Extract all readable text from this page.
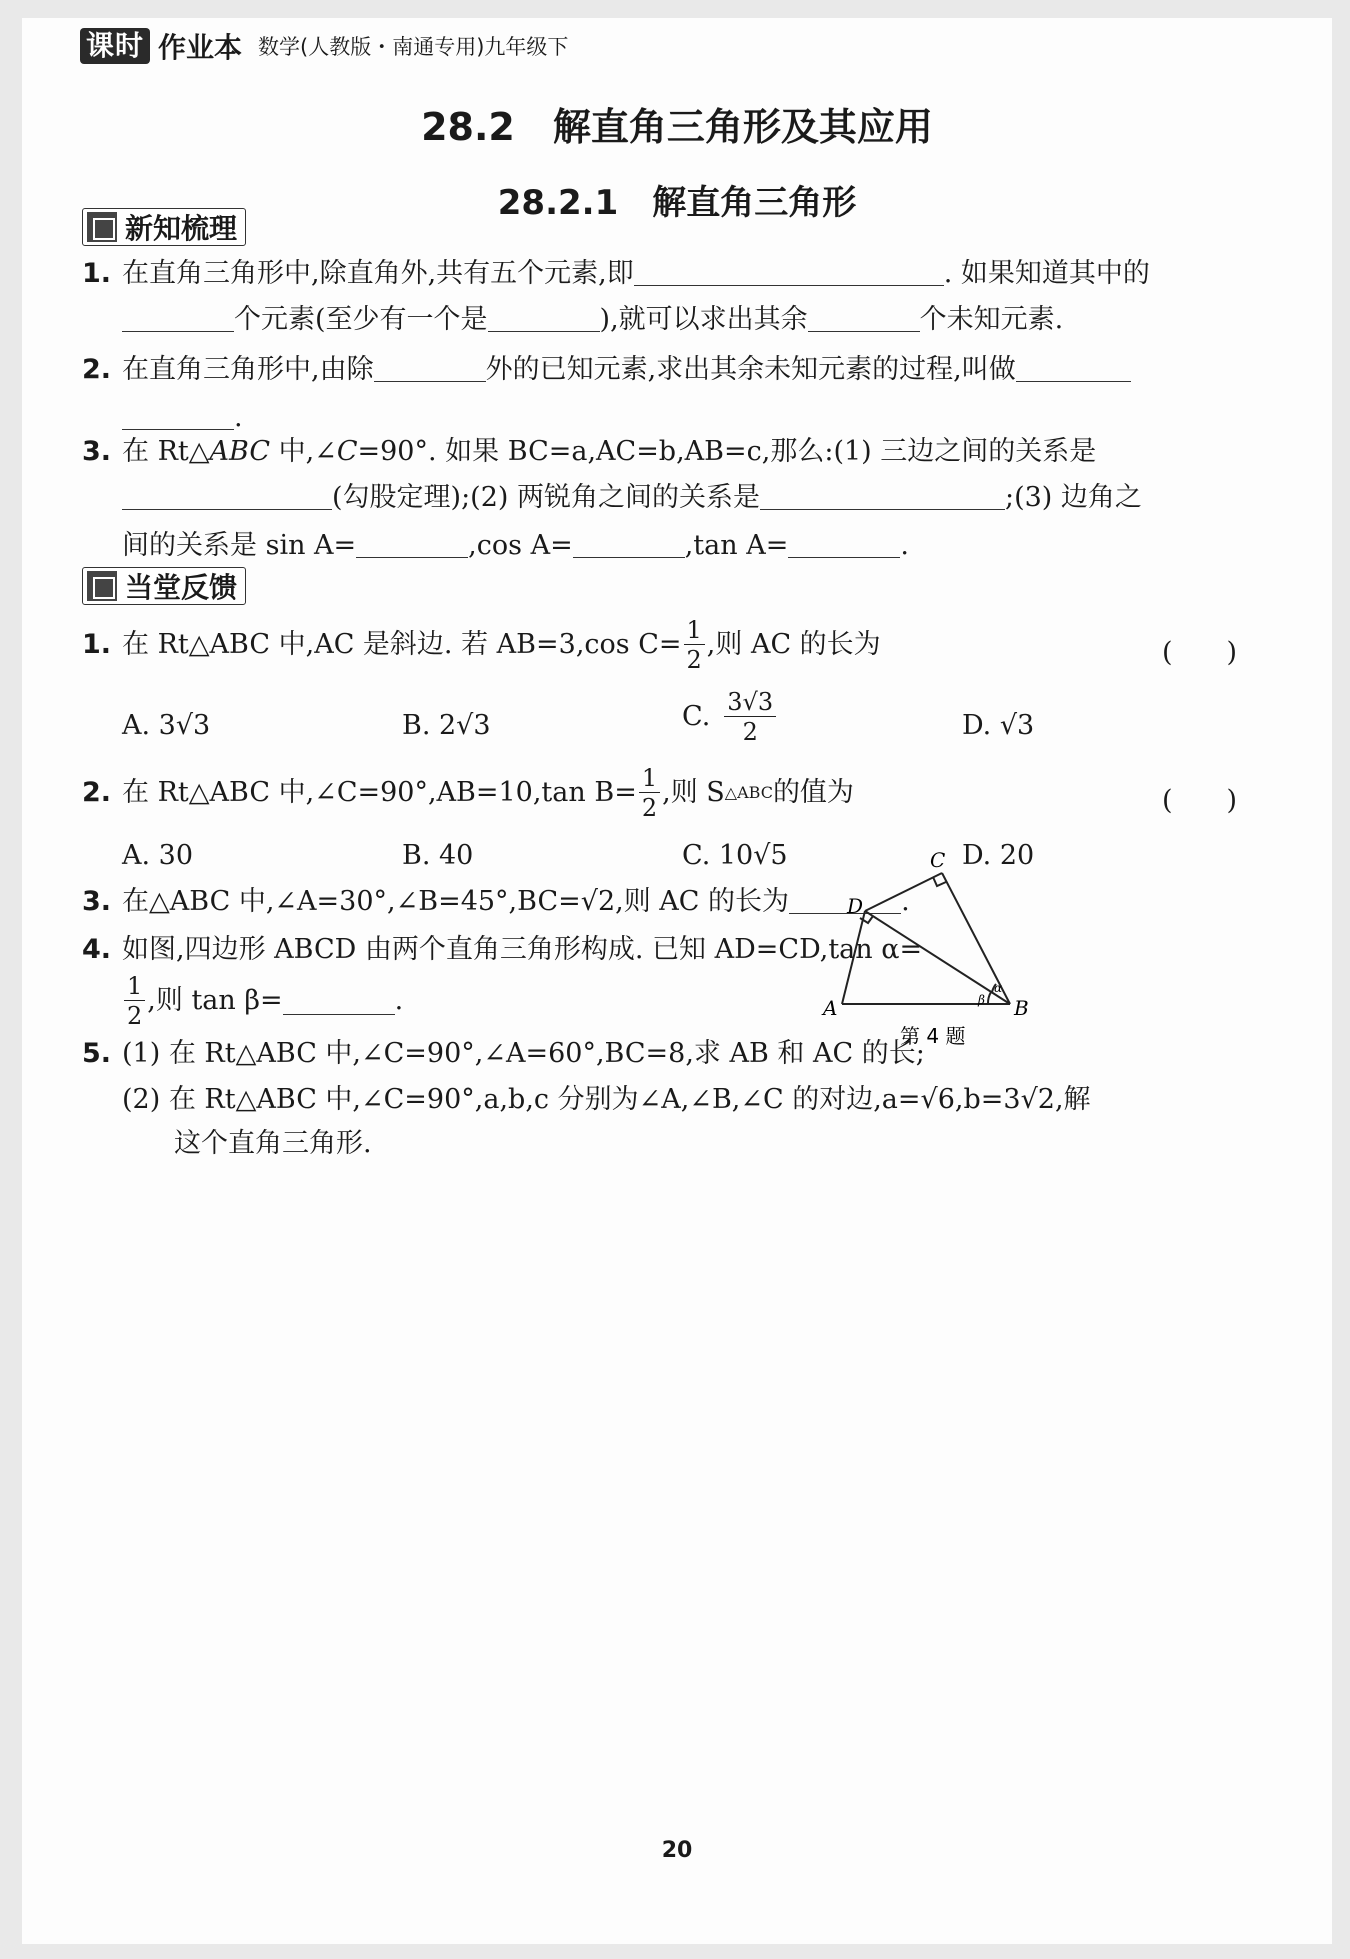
课时 作业本 数学(人教版・南通专用)九年级下
28.2　解直角三角形及其应用
28.2.1　解直角三角形
新知梳理
1. 在直角三角形中,除直角外,共有五个元素,即	. 如果知道其中的
个元素(至少有一个是	),就可以求出其余	个未知元素.
2. 在直角三角形中,由除	外的已知元素,求出其余未知元素的过程,叫做
.
3. 在 Rt△ABC 中,∠C=90°. 如果 BC=a,AC=b,AB=c,那么:(1) 三边之间的关系是
(勾股定理);(2) 两锐角之间的关系是	;(3) 边角之
间的关系是 sin A=	,cos A=	,tan A=	.
当堂反馈
1. 在 Rt△ABC 中,AC 是斜边. 若 AB=3,cos $C= \frac{1}{2}$ ,则 AC 的长为	(　　)
A. 3√3	B. 2√3	C. $\frac{3√3}{2}$	D. √3
2. 在 Rt△ABC 中,∠C=90°,AB=10,tan $B= \frac{1}{2}$ ,则 S △ABC 的值为	(　　)
A. 30	B. 40	C. 10√5	D. 20
3. 在△ABC 中,∠A=30°,∠B=45°,BC=√2,则 AC 的长为	.
4. 如图,四边形 ABCD 由两个直角三角形构成. 已知 AD=CD,tan α=
$\frac{1}{2}$ ,则 tan β=	.
C
D
A	B
α
β
第 4 题
5. (1) 在 Rt△ABC 中,∠C=90°,∠A=60°,BC=8,求 AB 和 AC 的长;
(2) 在 Rt△ABC 中,∠C=90°,a,b,c 分别为∠A,∠B,∠C 的对边,a=√6,b=3√2,解
这个直角三角形.
20
